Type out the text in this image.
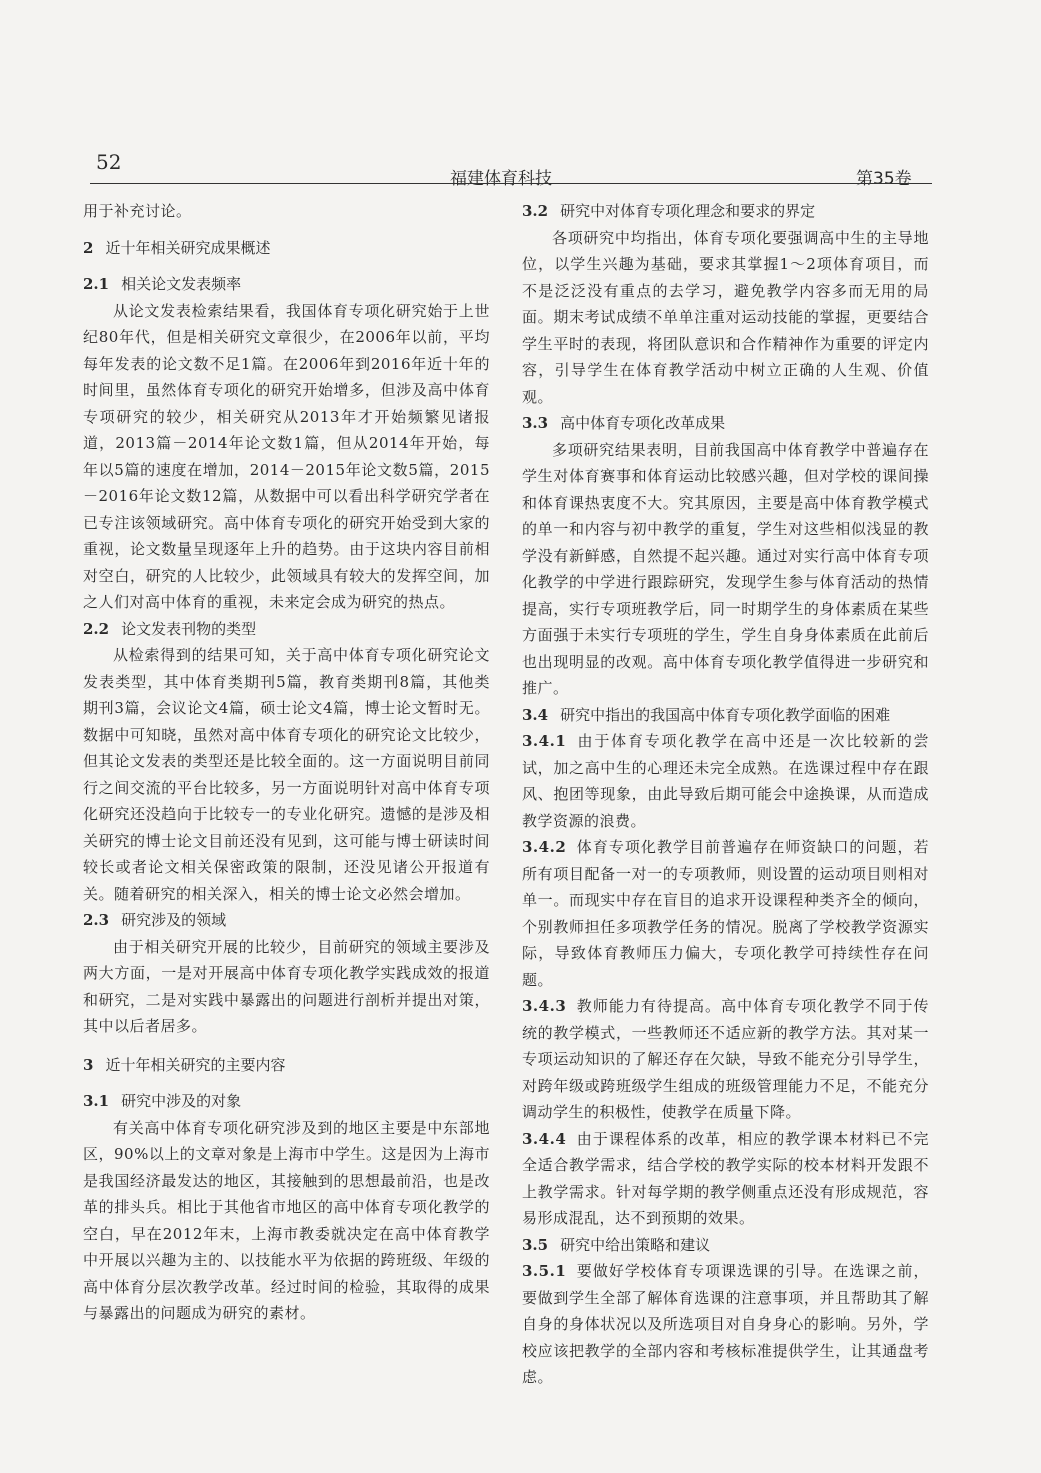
52
福建体育科技	第35卷

用于补充讨论。

2 近十年相关研究成果概述

2.1 相关论文发表频率

从论文发表检索结果看，我国体育专项化研究始于上世纪80年代，但是相关研究文章很少，在2006年以前，平均每年发表的论文数不足1篇。在2006年到2016年近十年的时间里，虽然体育专项化的研究开始增多，但涉及高中体育专项研究的较少，相关研究从2013年才开始频繁见诸报道，2013篇－2014年论文数1篇，但从2014年开始，每年以5篇的速度在增加，2014－2015年论文数5篇，2015－2016年论文数12篇，从数据中可以看出科学研究学者在已专注该领域研究。高中体育专项化的研究开始受到大家的重视，论文数量呈现逐年上升的趋势。由于这块内容目前相对空白，研究的人比较少，此领域具有较大的发挥空间，加之人们对高中体育的重视，未来定会成为研究的热点。

2.2 论文发表刊物的类型

从检索得到的结果可知，关于高中体育专项化研究论文发表类型，其中体育类期刊5篇，教育类期刊8篇，其他类期刊3篇，会议论文4篇，硕士论文4篇，博士论文暂时无。数据中可知晓，虽然对高中体育专项化的研究论文比较少，但其论文发表的类型还是比较全面的。这一方面说明目前同行之间交流的平台比较多，另一方面说明针对高中体育专项化研究还没趋向于比较专一的专业化研究。遗憾的是涉及相关研究的博士论文目前还没有见到，这可能与博士研读时间较长或者论文相关保密政策的限制，还没见诸公开报道有关。随着研究的相关深入，相关的博士论文必然会增加。

2.3 研究涉及的领域

由于相关研究开展的比较少，目前研究的领域主要涉及两大方面，一是对开展高中体育专项化教学实践成效的报道和研究，二是对实践中暴露出的问题进行剖析并提出对策，其中以后者居多。

3 近十年相关研究的主要内容

3.1 研究中涉及的对象

有关高中体育专项化研究涉及到的地区主要是中东部地区，90%以上的文章对象是上海市中学生。这是因为上海市是我国经济最发达的地区，其接触到的思想最前沿，也是改革的排头兵。相比于其他省市地区的高中体育专项化教学的空白，早在2012年末，上海市教委就决定在高中体育教学中开展以兴趣为主的、以技能水平为依据的跨班级、年级的高中体育分层次教学改革。经过时间的检验，其取得的成果与暴露出的问题成为研究的素材。

3.2 研究中对体育专项化理念和要求的界定

各项研究中均指出，体育专项化要强调高中生的主导地位，以学生兴趣为基础，要求其掌握1～2项体育项目，而不是泛泛没有重点的去学习，避免教学内容多而无用的局面。期末考试成绩不单单注重对运动技能的掌握，更要结合学生平时的表现，将团队意识和合作精神作为重要的评定内容，引导学生在体育教学活动中树立正确的人生观、价值观。

3.3 高中体育专项化改革成果

多项研究结果表明，目前我国高中体育教学中普遍存在学生对体育赛事和体育运动比较感兴趣，但对学校的课间操和体育课热衷度不大。究其原因，主要是高中体育教学模式的单一和内容与初中教学的重复，学生对这些相似浅显的教学没有新鲜感，自然提不起兴趣。通过对实行高中体育专项化教学的中学进行跟踪研究，发现学生参与体育活动的热情提高，实行专项班教学后，同一时期学生的身体素质在某些方面强于未实行专项班的学生，学生自身身体素质在此前后也出现明显的改观。高中体育专项化教学值得进一步研究和推广。

3.4 研究中指出的我国高中体育专项化教学面临的困难

3.4.1 由于体育专项化教学在高中还是一次比较新的尝试，加之高中生的心理还未完全成熟。在选课过程中存在跟风、抱团等现象，由此导致后期可能会中途换课，从而造成教学资源的浪费。

3.4.2 体育专项化教学目前普遍存在师资缺口的问题，若所有项目配备一对一的专项教师，则设置的运动项目则相对单一。而现实中存在盲目的追求开设课程种类齐全的倾向，个别教师担任多项教学任务的情况。脱离了学校教学资源实际，导致体育教师压力偏大，专项化教学可持续性存在问题。

3.4.3 教师能力有待提高。高中体育专项化教学不同于传统的教学模式，一些教师还不适应新的教学方法。其对某一专项运动知识的了解还存在欠缺，导致不能充分引导学生，对跨年级或跨班级学生组成的班级管理能力不足，不能充分调动学生的积极性，使教学在质量下降。

3.4.4 由于课程体系的改革，相应的教学课本材料已不完全适合教学需求，结合学校的教学实际的校本材料开发跟不上教学需求。针对每学期的教学侧重点还没有形成规范，容易形成混乱，达不到预期的效果。

3.5 研究中给出策略和建议

3.5.1 要做好学校体育专项课选课的引导。在选课之前，要做到学生全部了解体育选课的注意事项，并且帮助其了解自身的身体状况以及所选项目对自身身心的影响。另外，学校应该把教学的全部内容和考核标准提供学生，让其通盘考虑。
